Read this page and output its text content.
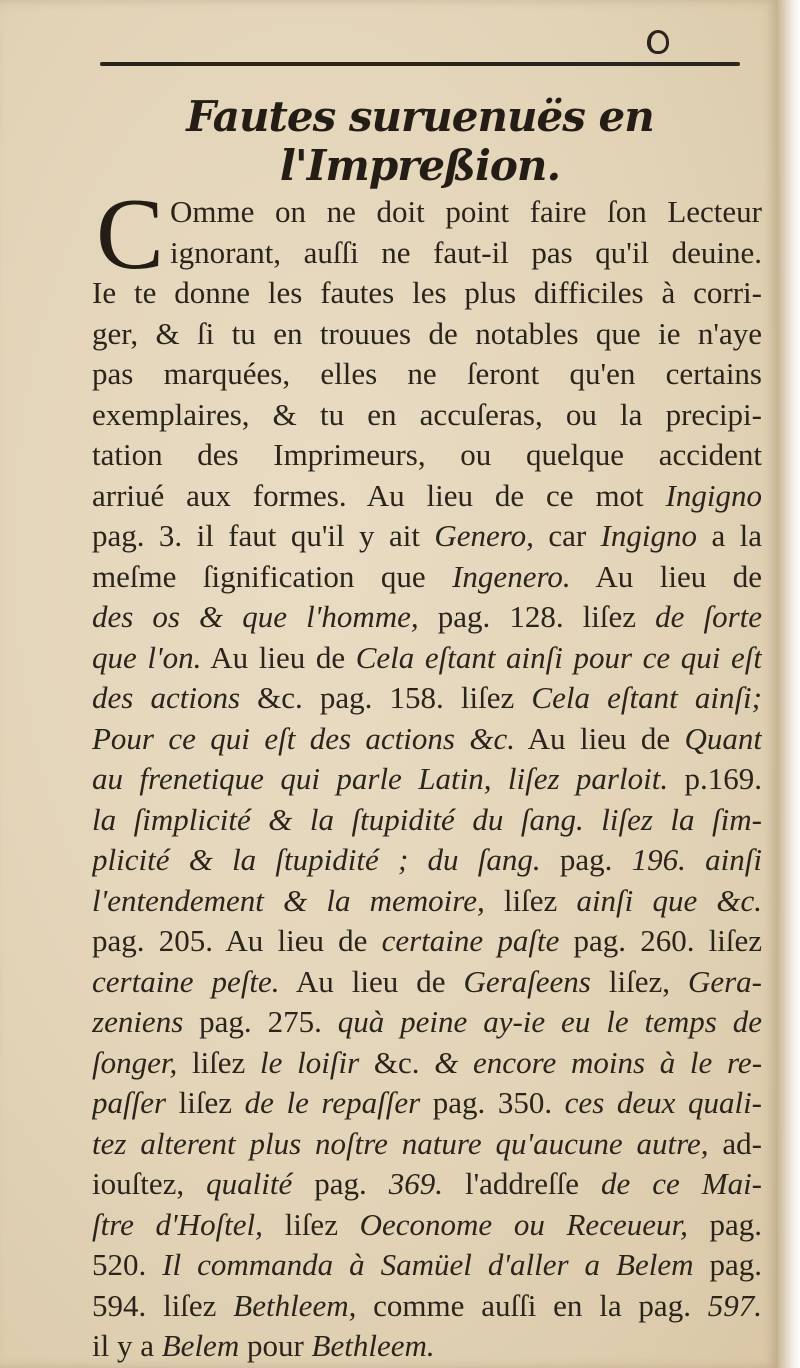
Fautes suruenuës en l'Impreßion.
C Omme on ne doit point faire ſon Lecteur
ignorant, auſſi ne faut-il pas qu'il deuine.
Ie te donne les fautes les plus difficiles à corri-
ger, & ſi tu en trouues de notables que ie n'aye
pas marquées, elles ne ſeront qu'en certains
exemplaires, & tu en accuſeras, ou la precipi-
tation des Imprimeurs, ou quelque accident
arriué aux formes. Au lieu de ce mot Ingigno
pag. 3. il faut qu'il y ait Genero, car Ingigno a la
meſme ſignification que Ingenero. Au lieu de
des os & que l'homme, pag. 128. liſez de ſorte
que l'on. Au lieu de Cela eſtant ainſi pour ce qui eſt
des actions &c. pag. 158. liſez Cela eſtant ainſi;
Pour ce qui eſt des actions &c. Au lieu de Quant
au frenetique qui parle Latin, liſez parloit. p.169.
la ſimplicité & la ſtupidité du ſang. liſez la ſim-
plicité & la ſtupidité ; du ſang. pag. 196. ainſi
l'entendement & la memoire, liſez ainſi que &c.
pag. 205. Au lieu de certaine paſte pag. 260. liſez
certaine peſte. Au lieu de Geraſeens liſez, Gera-
zeniens pag. 275. quà peine ay-ie eu le temps de
ſonger, liſez le loiſir &c. & encore moins à le re-
paſſer liſez de le repaſſer pag. 350. ces deux quali-
tez alterent plus noſtre nature qu'aucune autre, ad-
iouſtez, qualité pag. 369. l'addreſſe de ce Mai-
ſtre d'Hoſtel, liſez Oeconome ou Receueur, pag.
520. Il commanda à Samüel d'aller a Belem pag.
594. liſez Bethleem, comme auſſi en la pag. 597.
il y a Belem pour Bethleem.
